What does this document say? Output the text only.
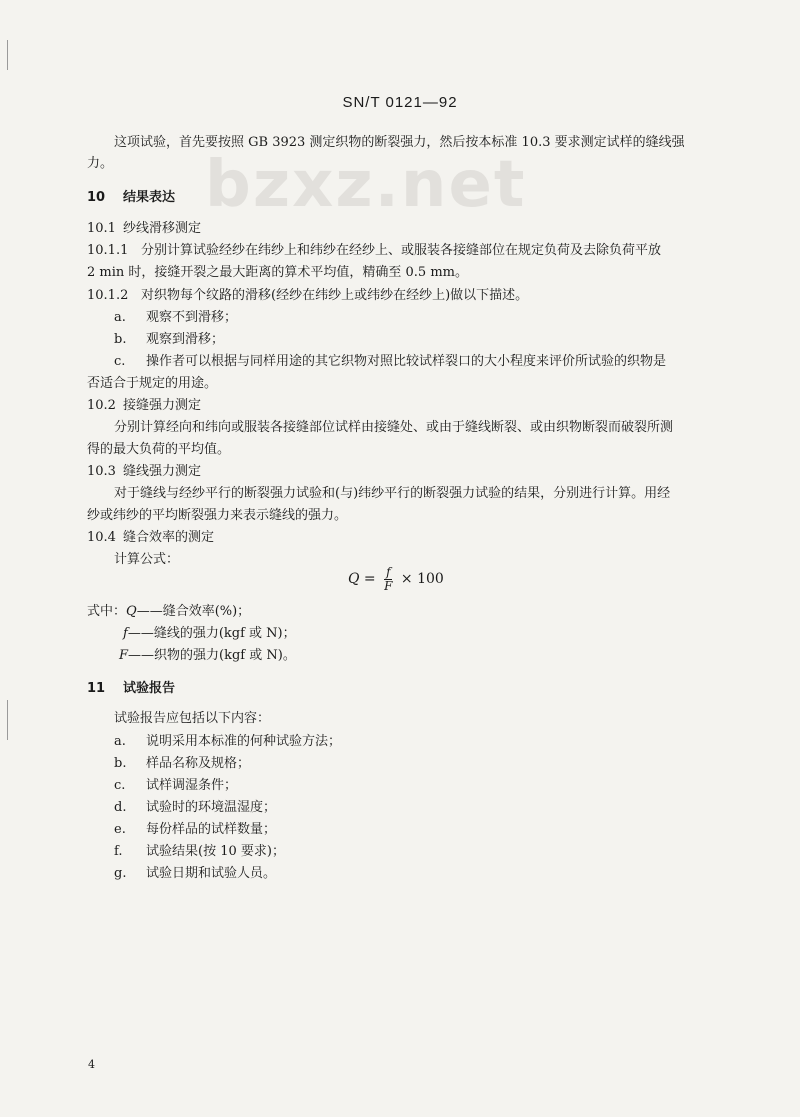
SN/T 0121—92
bzxz.net
这项试验，首先要按照 GB 3923 测定织物的断裂强力，然后按本标准 10.3 要求测定试样的缝线强
力。
10 结果表达
10.1 纱线滑移测定
10.1.1 分别计算试验经纱在纬纱上和纬纱在经纱上、或服装各接缝部位在规定负荷及去除负荷平放
2 min 时，接缝开裂之最大距离的算术平均值，精确至 0.5 mm。
10.1.2 对织物每个纹路的滑移(经纱在纬纱上或纬纱在经纱上)做以下描述。
a. 观察不到滑移；
b. 观察到滑移；
c. 操作者可以根据与同样用途的其它织物对照比较试样裂口的大小程度来评价所试验的织物是
否适合于规定的用途。
10.2 接缝强力测定
分别计算经向和纬向或服装各接缝部位试样由接缝处、或由于缝线断裂、或由织物断裂而破裂所测
得的最大负荷的平均值。
10.3 缝线强力测定
对于缝线与经纱平行的断裂强力试验和(与)纬纱平行的断裂强力试验的结果，分别进行计算。用经
纱或纬纱的平均断裂强力来表示缝线的强力。
10.4 缝合效率的测定
计算公式：
$Q = \frac{f}{F} \times 100$
式中：Q——缝合效率(%)；
f——缝线的强力(kgf 或 N)；
F——织物的强力(kgf 或 N)。
11 试验报告
试验报告应包括以下内容：
a. 说明采用本标准的何种试验方法；
b. 样品名称及规格；
c. 试样调湿条件；
d. 试验时的环境温湿度；
e. 每份样品的试样数量；
f. 试验结果(按 10 要求)；
g. 试验日期和试验人员。
4
